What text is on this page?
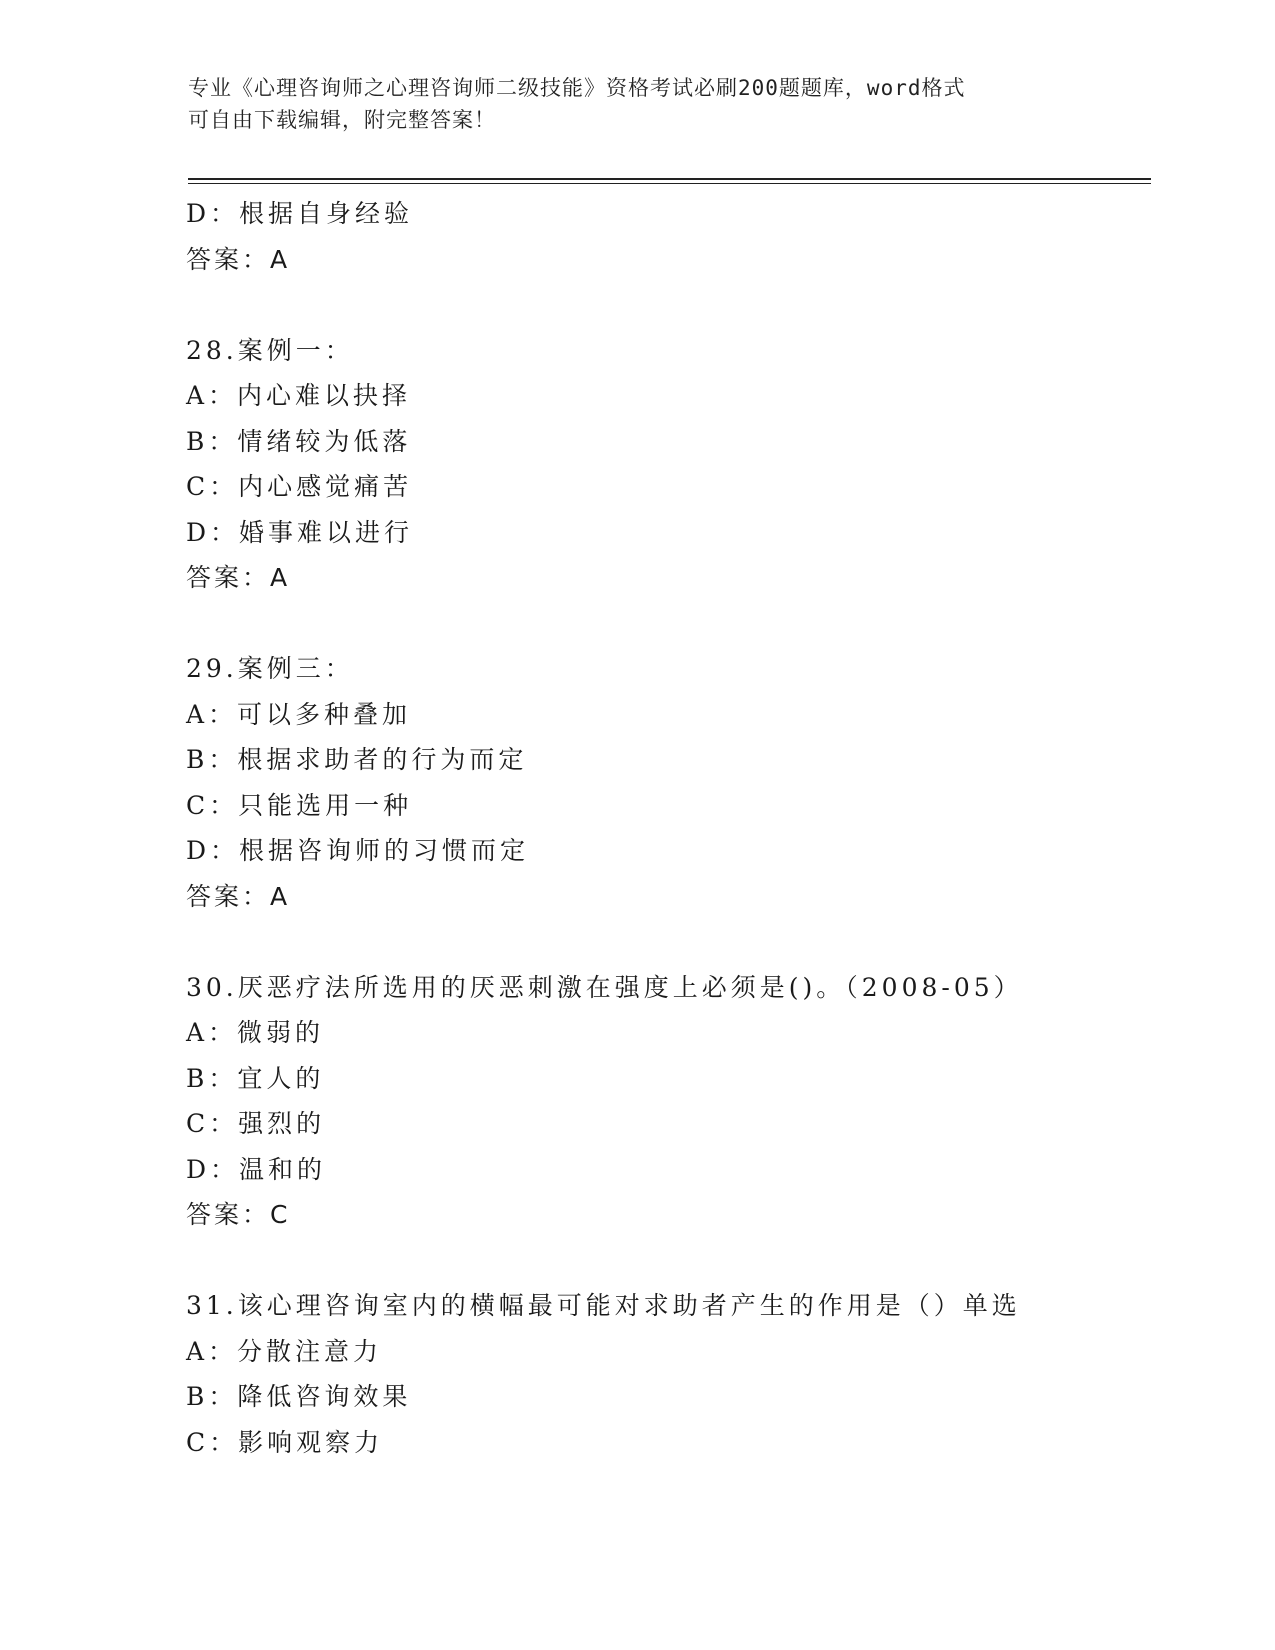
专业《心理咨询师之心理咨询师二级技能》资格考试必刷200题题库，word格式
可自由下载编辑，附完整答案！
D：根据自身经验
答案：A
28.案例一：
A：内心难以抉择
B：情绪较为低落
C：内心感觉痛苦
D：婚事难以进行
答案：A
29.案例三：
A：可以多种叠加
B：根据求助者的行为而定
C：只能选用一种
D：根据咨询师的习惯而定
答案：A
30.厌恶疗法所选用的厌恶刺激在强度上必须是()。（2008-05）
A：微弱的
B：宜人的
C：强烈的
D：温和的
答案：C
31.该心理咨询室内的横幅最可能对求助者产生的作用是（）单选
A：分散注意力
B：降低咨询效果
C：影响观察力
